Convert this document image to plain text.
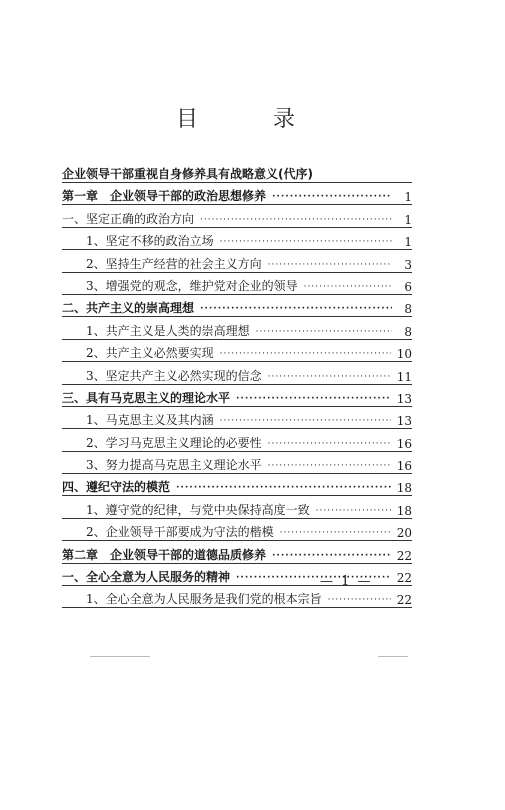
目 录
企业领导干部重视自身修养具有战略意义(代序)
第一章　企业领导干部的政治思想修养 ·····	1
一、坚定正确的政治方向 ·····	1
1、坚定不移的政治立场 ·····	1
2、坚持生产经营的社会主义方向 ·····	3
3、增强党的观念，维护党对企业的领导 ·····	6
二、共产主义的崇高理想 ·····	8
1、共产主义是人类的崇高理想 ·····	8
2、共产主义必然要实现 ·····	10
3、坚定共产主义必然实现的信念 ·····	11
三、具有马克思主义的理论水平 ·····	13
1、马克思主义及其内涵 ·····	13
2、学习马克思主义理论的必要性 ·····	16
3、努力提高马克思主义理论水平 ·····	16
四、遵纪守法的模范 ·····	18
1、遵守党的纪律，与党中央保持高度一致 ·····	18
2、企业领导干部要成为守法的楷模 ·····	20
第二章　企业领导干部的道德品质修养 ·····	22
一、全心全意为人民服务的精神 ·····	22
1、全心全意为人民服务是我们党的根本宗旨 ·····	22
— 1 —
